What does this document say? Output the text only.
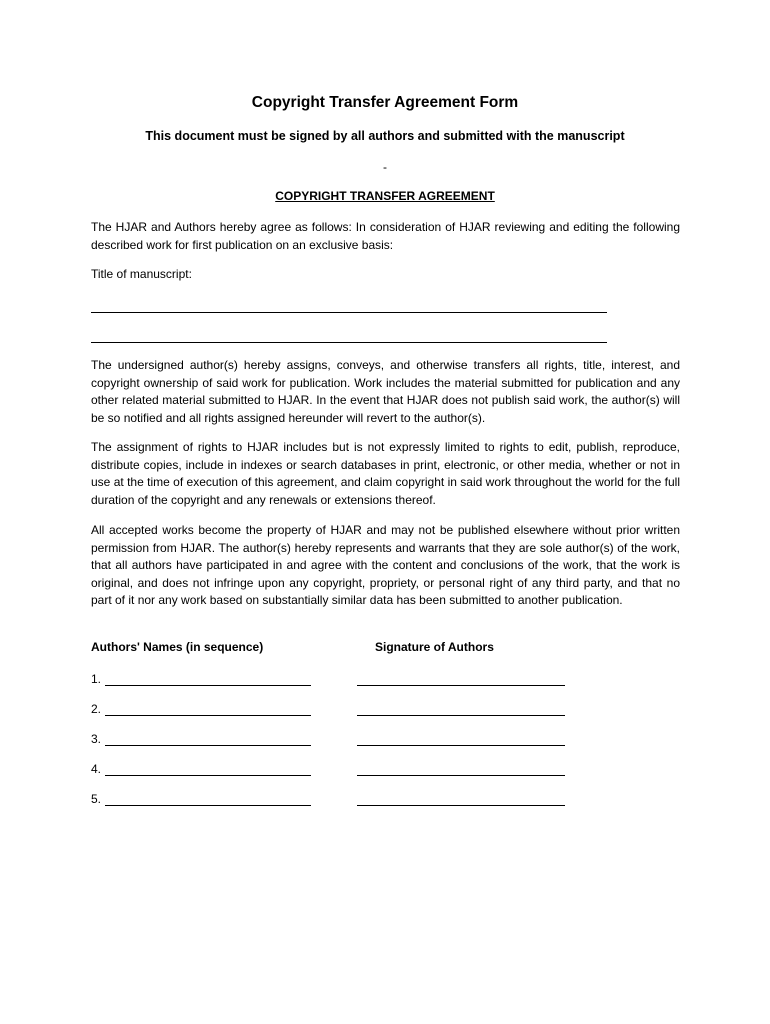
Copyright Transfer Agreement Form
This document must be signed by all authors and submitted with the manuscript
-
COPYRIGHT TRANSFER AGREEMENT
The HJAR and Authors hereby agree as follows: In consideration of HJAR reviewing and editing the following described work for first publication on an exclusive basis:
Title of manuscript:
The undersigned author(s) hereby assigns, conveys, and otherwise transfers all rights, title, interest, and copyright ownership of said work for publication. Work includes the material submitted for publication and any other related material submitted to HJAR. In the event that HJAR does not publish said work, the author(s) will be so notified and all rights assigned hereunder will revert to the author(s).
The assignment of rights to HJAR includes but is not expressly limited to rights to edit, publish, reproduce, distribute copies, include in indexes or search databases in print, electronic, or other media, whether or not in use at the time of execution of this agreement, and claim copyright in said work throughout the world for the full duration of the copyright and any renewals or extensions thereof.
All accepted works become the property of HJAR and may not be published elsewhere without prior written permission from HJAR. The author(s) hereby represents and warrants that they are sole author(s) of the work, that all authors have participated in and agree with the content and conclusions of the work, that the work is original, and does not infringe upon any copyright, propriety, or personal right of any third party, and that no part of it nor any work based on substantially similar data has been submitted to another publication.
Authors' Names (in sequence)	Signature of Authors
1.
2.
3.
4.
5.
